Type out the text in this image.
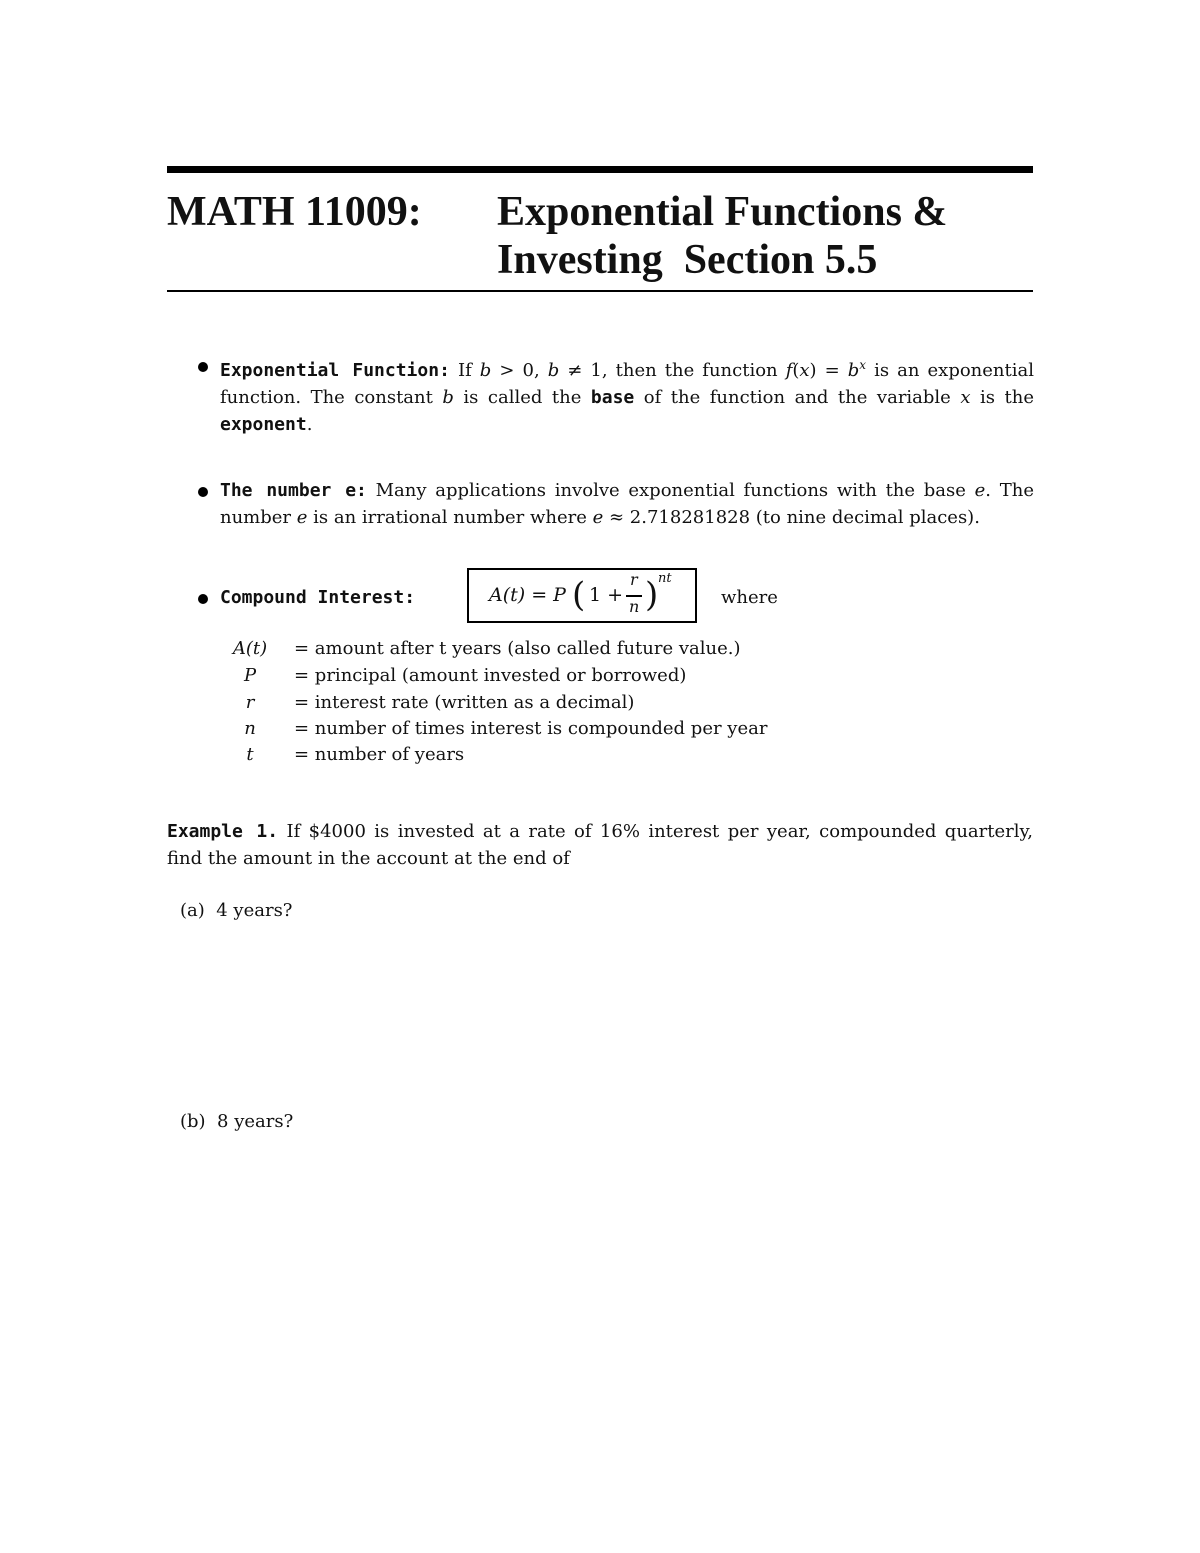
MATH 11009: Exponential Functions &
Investing Section 5.5
Exponential Function: If b > 0, b ≠ 1, then the function $f(x) = b^x$ is an exponential function. The constant b is called the base of the function and the variable x is the exponent.
The number e: Many applications involve exponential functions with the base e. The number e is an irrational number where e ≈ 2.718281828 (to nine decimal places).
Compound Interest:	A(t) = P ( 1 +
r
n ) nt
where
A(t)	= amount after t years (also called future value.)
P	= principal (amount invested or borrowed)
r	= interest rate (written as a decimal)
n	= number of times interest is compounded per year
t	= number of years
Example 1. If $4000 is invested at a rate of 16% interest per year, compounded quarterly, find the amount in the account at the end of
(a) 4 years?
(b) 8 years?
